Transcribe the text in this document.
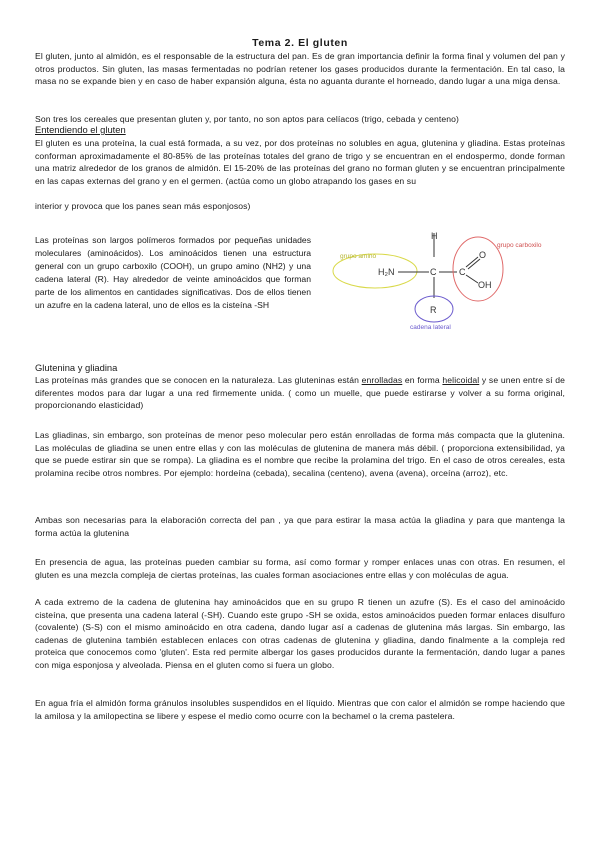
Tema 2. El gluten

El gluten, junto al almidón, es el responsable de la estructura del pan. Es de gran importancia definir la forma final y volumen del pan y otros productos. Sin gluten, las masas fermentadas no podrían retener los gases producidos durante la fermentación. En tal caso, la masa no se expande bien y en caso de haber expansión alguna, ésta no aguanta durante el horneado, dando lugar a una miga densa.

Son tres los cereales que presentan gluten y, por tanto, no son aptos para celíacos (trigo, cebada y centeno)

Entendiendo el gluten

El gluten es una proteína, la cual está formada, a su vez, por dos proteínas no solubles en agua, glutenina y gliadina. Estas proteínas conforman aproximadamente el 80-85% de las proteínas totales del grano de trigo y se encuentran en el endospermo, donde forman una matriz alrededor de los granos de almidón. El 15-20% de las proteínas del grano no forman gluten y se encuentran principalmente en las capas externas del grano y en el germen. (actúa como un globo atrapando los gases en su

interior y provoca que los panes sean más esponjosos)

Las proteínas son largos polímeros formados por pequeñas unidades moleculares (aminoácidos). Los aminoácidos tienen una estructura general con un grupo carboxilo (COOH), un grupo amino (NH2) y una cadena lateral (R). Hay alrededor de veinte aminoácidos que forman parte de los alimentos en cantidades significativas. Dos de ellos tienen un azufre en la cadena lateral, uno de ellos es la cisteína -SH

H
grupo amino
H₂N	C
grupo carboxilo
C
O
OH
R
cadena lateral
Glutenina y gliadina

Las proteínas más grandes que se conocen en la naturaleza. Las gluteninas están enrolladas en forma helicoidal y se unen entre sí de diferentes modos para dar lugar a una red firmemente unida. ( como un muelle, que puede estirarse y volver a su forma original, proporcionando elasticidad)

Las gliadinas, sin embargo, son proteínas de menor peso molecular pero están enrolladas de forma más compacta que la glutenina. Las moléculas de gliadina se unen entre ellas y con las moléculas de glutenina de manera más débil. ( proporciona extensibilidad, ya que se puede estirar sin que se rompa). La gliadina es el nombre que recibe la prolamina del trigo. En el caso de otros cereales, esta prolamina recibe otros nombres. Por ejemplo: hordeína (cebada), secalina (centeno), avena (avena), orceína (arroz), etc.

Ambas son necesarias para la elaboración correcta del pan , ya que para estirar la masa actúa la gliadina y para que mantenga la forma actúa la glutenina

En presencia de agua, las proteínas pueden cambiar su forma, así como formar y romper enlaces unas con otras. En resumen, el gluten es una mezcla compleja de ciertas proteínas, las cuales forman asociaciones entre ellas y con moléculas de agua.

A cada extremo de la cadena de glutenina hay aminoácidos que en su grupo R tienen un azufre (S). Es el caso del aminoácido cisteína, que presenta una cadena lateral (-SH). Cuando este grupo -SH se oxida, estos aminoácidos pueden formar enlaces disulfuro (covalente) (S-S) con el mismo aminoácido en otra cadena, dando lugar así a cadenas de glutenina más largas. Sin embargo, las cadenas de glutenina también establecen enlaces con otras cadenas de glutenina y gliadina, dando finalmente a la compleja red proteica que conocemos como 'gluten'. Esta red permite albergar los gases producidos durante la fermentación, dando lugar a panes con miga esponjosa y alveolada. Piensa en el gluten como si fuera un globo.

En agua fría el almidón forma gránulos insolubles suspendidos en el líquido. Mientras que con calor el almidón se rompe haciendo que la amilosa y la amilopectina se libere y espese el medio como ocurre con la bechamel o la crema pastelera.
